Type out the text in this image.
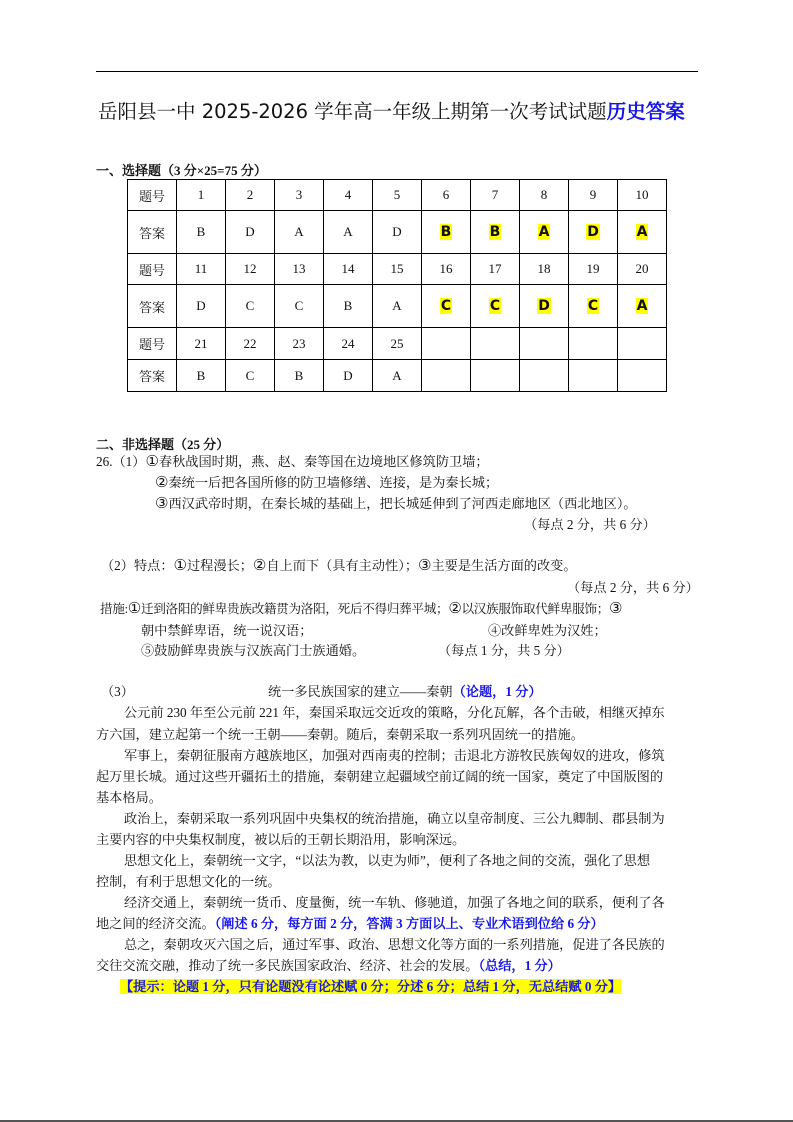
岳阳县一中 2025-2026 学年高一年级上期第一次考试试题历史答案
一、选择题（3 分×25=75 分）
题号	1	2	3	4	5	6	7	8	9	10
答案	B	D	A	A	D	B	B	A	D	A
题号	11	12	13	14	15	16	17	18	19	20
答案	D	C	C	B	A	C	C	D	C	A
题号	21	22	23	24	25					
答案	B	C	B	D	A					
二、非选择题（25 分）
26.（1）①春秋战国时期，燕、赵、秦等国在边境地区修筑防卫墙；
②秦统一后把各国所修的防卫墙修缮、连接，是为秦长城；
③西汉武帝时期，在秦长城的基础上，把长城延伸到了河西走廊地区（西北地区）。
（每点 2 分，共 6 分）
（2）特点：①过程漫长；②自上而下（具有主动性）；③主要是生活方面的改变。
（每点 2 分，共 6 分）
措施:①迁到洛阳的鲜卑贵族改籍贯为洛阳，死后不得归葬平城；②以汉族服饰取代鲜卑服饰；③
朝中禁鲜卑语，统一说汉语；	④改鲜卑姓为汉姓；
⑤鼓励鲜卑贵族与汉族高门士族通婚。	（每点 1 分，共 5 分）
（3）	统一多民族国家的建立——秦朝（论题，1 分）
公元前 230 年至公元前 221 年，秦国采取远交近攻的策略，分化瓦解，各个击破，相继灭掉东
方六国，建立起第一个统一王朝——秦朝。随后，秦朝采取一系列巩固统一的措施。
军事上，秦朝征服南方越族地区，加强对西南夷的控制；击退北方游牧民族匈奴的进攻，修筑
起万里长城。通过这些开疆拓土的措施，秦朝建立起疆域空前辽阔的统一国家，奠定了中国版图的
基本格局。
政治上，秦朝采取一系列巩固中央集权的统治措施，确立以皇帝制度、三公九卿制、郡县制为
主要内容的中央集权制度，被以后的王朝长期沿用，影响深远。
思想文化上，秦朝统一文字，“以法为教，以吏为师”，便利了各地之间的交流，强化了思想
控制，有利于思想文化的一统。
经济交通上，秦朝统一货币、度量衡，统一车轨、修驰道，加强了各地之间的联系，便利了各
地之间的经济交流。（阐述 6 分，每方面 2 分，答满 3 方面以上、专业术语到位给 6 分）
总之，秦朝攻灭六国之后，通过军事、政治、思想文化等方面的一系列措施，促进了各民族的
交往交流交融，推动了统一多民族国家政治、经济、社会的发展。（总结，1 分）
【提示：论题 1 分，只有论题没有论述赋 0 分；分述 6 分；总结 1 分，无总结赋 0 分】
